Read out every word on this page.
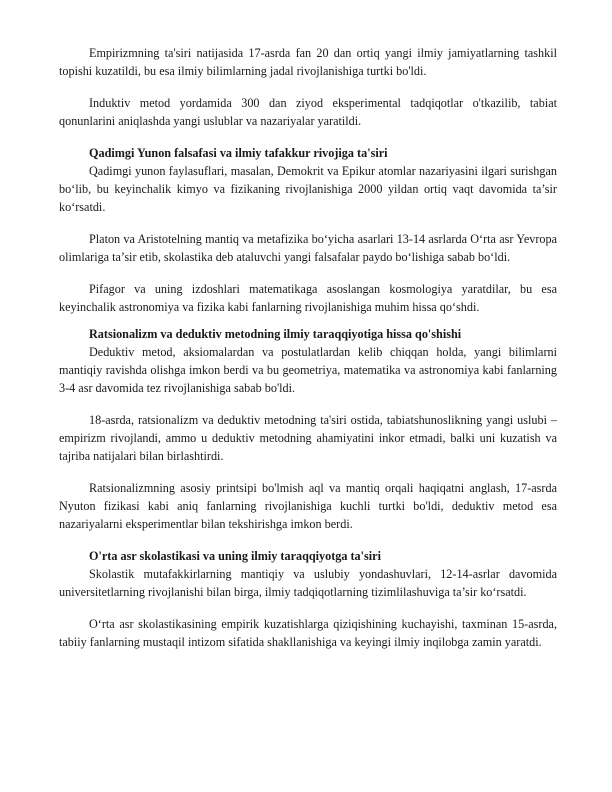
Empirizmning ta'siri natijasida 17-asrda fan 20 dan ortiq yangi ilmiy jamiyatlarning tashkil topishi kuzatildi, bu esa ilmiy bilimlarning jadal rivojlanishiga turtki bo'ldi.

Induktiv metod yordamida 300 dan ziyod eksperimental tadqiqotlar o'tkazilib, tabiat qonunlarini aniqlashda yangi uslublar va nazariyalar yaratildi.

Qadimgi Yunon falsafasi va ilmiy tafakkur rivojiga ta'siri

Qadimgi yunon faylasuflari, masalan, Demokrit va Epikur atomlar nazariyasini ilgari surishgan bo‘lib, bu keyinchalik kimyo va fizikaning rivojlanishiga 2000 yildan ortiq vaqt davomida ta’sir ko‘rsatdi.

Platon va Aristotelning mantiq va metafizika bo‘yicha asarlari 13-14 asrlarda O‘rta asr Yevropa olimlariga ta’sir etib, skolastika deb ataluvchi yangi falsafalar paydo bo‘lishiga sabab bo‘ldi.

Pifagor va uning izdoshlari matematikaga asoslangan kosmologiya yaratdilar, bu esa keyinchalik astronomiya va fizika kabi fanlarning rivojlanishiga muhim hissa qo‘shdi.

Ratsionalizm va deduktiv metodning ilmiy taraqqiyotiga hissa qo'shishi

Deduktiv metod, aksiomalardan va postulatlardan kelib chiqqan holda, yangi bilimlarni mantiqiy ravishda olishga imkon berdi va bu geometriya, matematika va astronomiya kabi fanlarning 3-4 asr davomida tez rivojlanishiga sabab bo'ldi.

18-asrda, ratsionalizm va deduktiv metodning ta'siri ostida, tabiatshunoslikning yangi uslubi – empirizm rivojlandi, ammo u deduktiv metodning ahamiyatini inkor etmadi, balki uni kuzatish va tajriba natijalari bilan birlashtirdi.

Ratsionalizmning asosiy printsipi bo'lmish aql va mantiq orqali haqiqatni anglash, 17-asrda Nyuton fizikasi kabi aniq fanlarning rivojlanishiga kuchli turtki bo'ldi, deduktiv metod esa nazariyalarni eksperimentlar bilan tekshirishga imkon berdi.

O'rta asr skolastikasi va uning ilmiy taraqqiyotga ta'siri

Skolastik mutafakkirlarning mantiqiy va uslubiy yondashuvlari, 12-14-asrlar davomida universitetlarning rivojlanishi bilan birga, ilmiy tadqiqotlarning tizimlilashuviga ta’sir ko‘rsatdi.

O‘rta asr skolastikasining empirik kuzatishlarga qiziqishining kuchayishi, taxminan 15-asrda, tabiiy fanlarning mustaqil intizom sifatida shakllanishiga va keyingi ilmiy inqilobga zamin yaratdi.
